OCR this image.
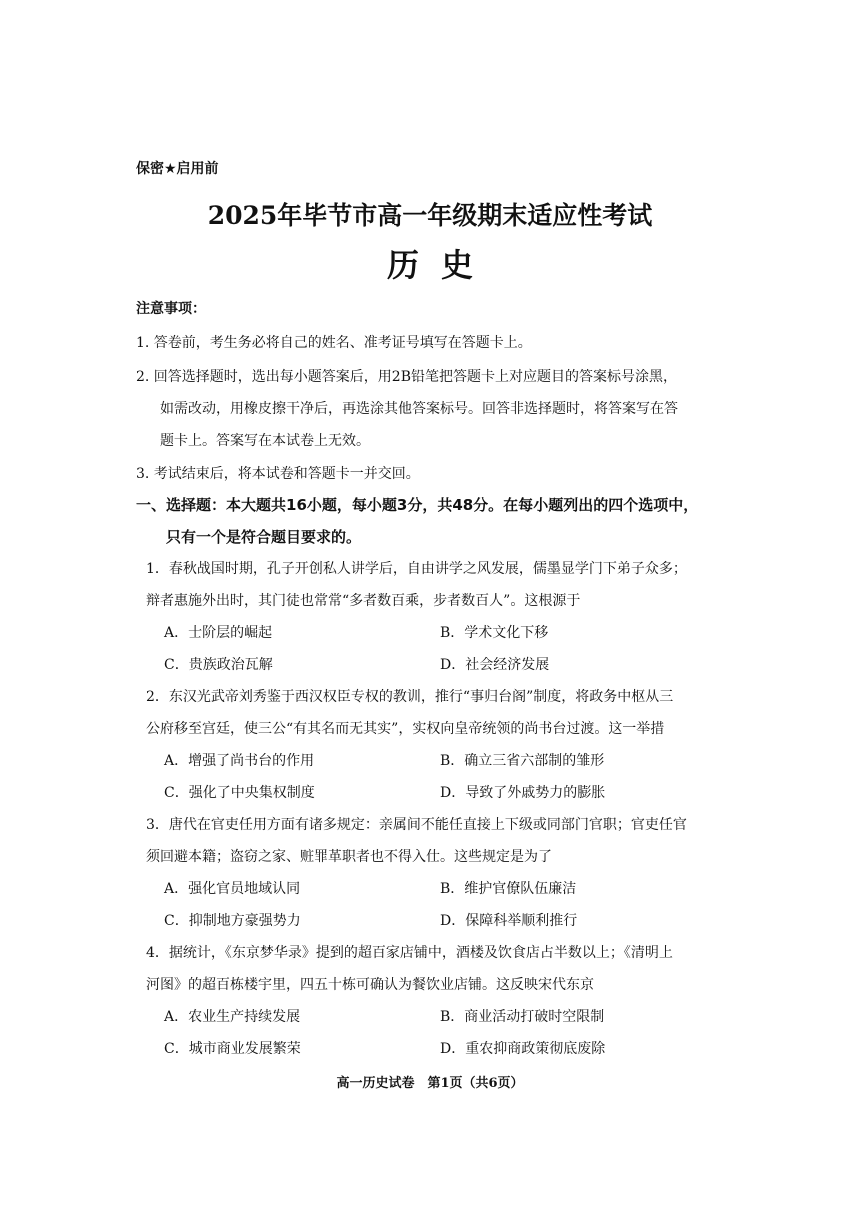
保密★启用前
2025年毕节市高一年级期末适应性考试
历史
注意事项：
1. 答卷前，考生务必将自己的姓名、准考证号填写在答题卡上。
2. 回答选择题时，选出每小题答案后，用2B铅笔把答题卡上对应题目的答案标号涂黑，
如需改动，用橡皮擦干净后，再选涂其他答案标号。回答非选择题时，将答案写在答
题卡上。答案写在本试卷上无效。
3. 考试结束后，将本试卷和答题卡一并交回。
一、选择题：本大题共16小题，每小题3分，共48分。在每小题列出的四个选项中，
只有一个是符合题目要求的。
1．春秋战国时期，孔子开创私人讲学后，自由讲学之风发展，儒墨显学门下弟子众多；
辩者惠施外出时，其门徒也常常“多者数百乘，步者数百人”。这根源于
A．士阶层的崛起	B．学术文化下移
C．贵族政治瓦解	D．社会经济发展
2．东汉光武帝刘秀鉴于西汉权臣专权的教训，推行“事归台阁”制度，将政务中枢从三
公府移至宫廷，使三公“有其名而无其实”，实权向皇帝统领的尚书台过渡。这一举措
A．增强了尚书台的作用	B．确立三省六部制的雏形
C．强化了中央集权制度	D．导致了外戚势力的膨胀
3．唐代在官吏任用方面有诸多规定：亲属间不能任直接上下级或同部门官职；官吏任官
须回避本籍；盗窃之家、赃罪革职者也不得入仕。这些规定是为了
A．强化官员地域认同	B．维护官僚队伍廉洁
C．抑制地方豪强势力	D．保障科举顺利推行
4．据统计，《东京梦华录》提到的超百家店铺中，酒楼及饮食店占半数以上；《清明上
河图》的超百栋楼宇里，四五十栋可确认为餐饮业店铺。这反映宋代东京
A．农业生产持续发展	B．商业活动打破时空限制
C．城市商业发展繁荣	D．重农抑商政策彻底废除
高一历史试卷　第1页（共6页）
